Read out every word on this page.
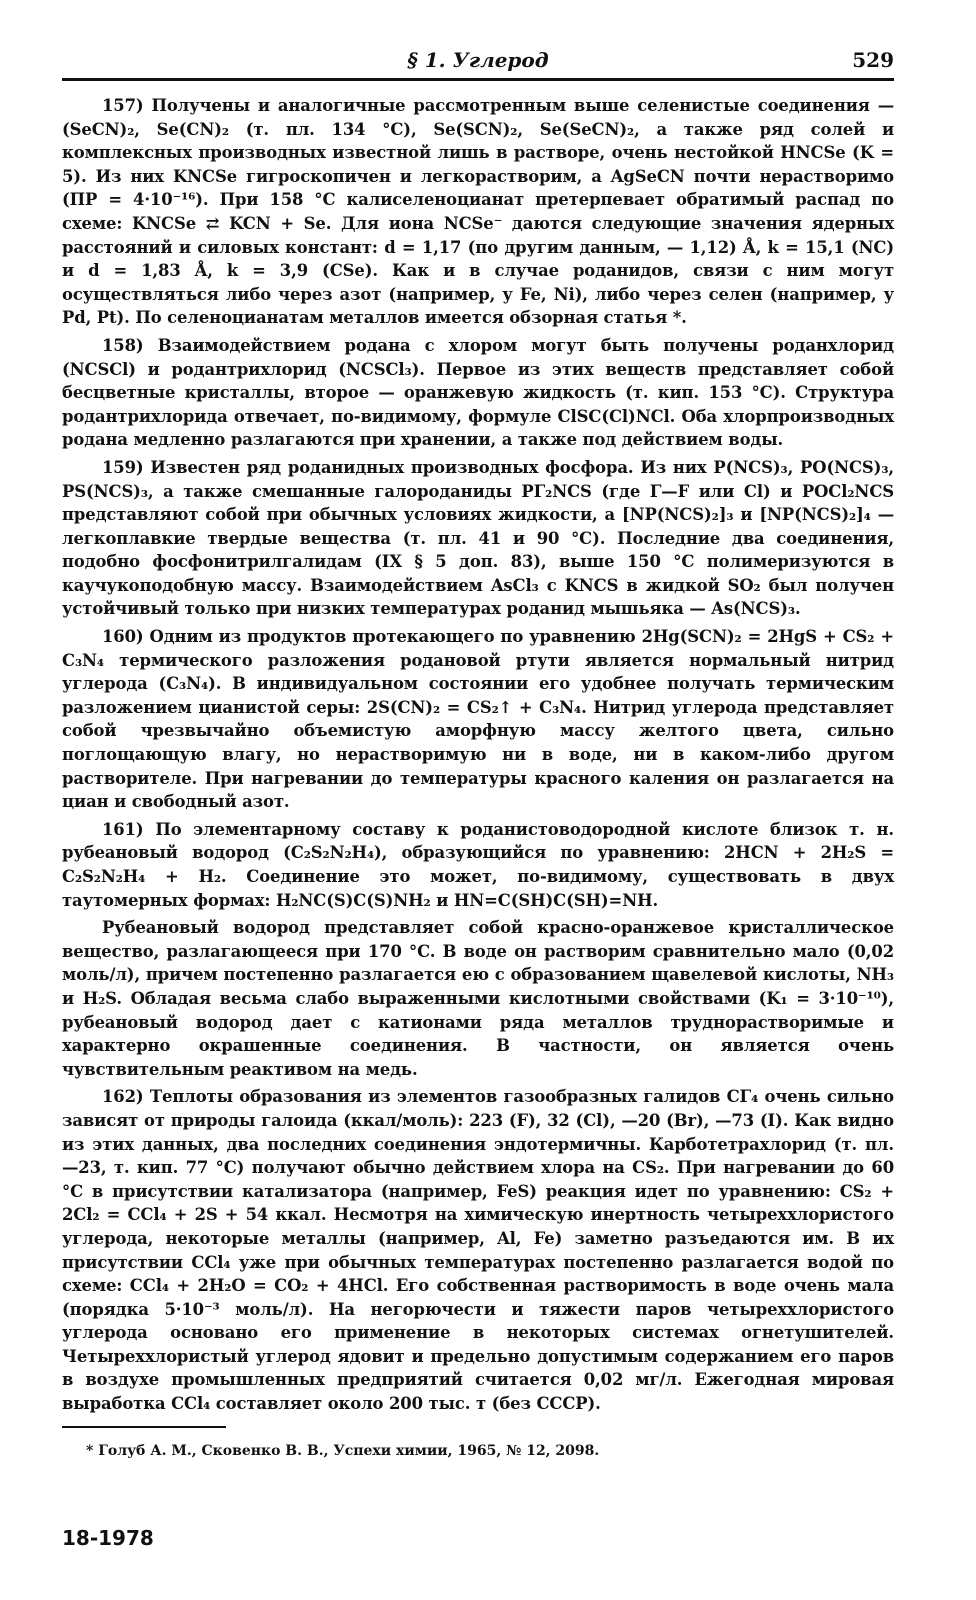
§ 1. Углерод	529

157) Получены и аналогичные рассмотренным выше селенистые соединения — (SeCN)₂, Se(CN)₂ (т. пл. 134 °C), Se(SCN)₂, Se(SeCN)₂, а также ряд солей и комплексных производных известной лишь в растворе, очень нестойкой HNCSe (K = 5). Из них KNCSe гигроскопичен и легкорастворим, а AgSeCN почти нерастворимо (ПР = 4·10⁻¹⁶). При 158 °C калиселеноцианат претерпевает обратимый распад по схеме: KNCSe ⇄ KCN + Se. Для иона NCSe⁻ даются следующие значения ядерных расстояний и силовых констант: d = 1,17 (по другим данным, — 1,12) Å, k = 15,1 (NC) и d = 1,83 Å, k = 3,9 (CSe). Как и в случае роданидов, связи с ним могут осуществляться либо через азот (например, у Fe, Ni), либо через селен (например, у Pd, Pt). По селеноцианатам металлов имеется обзорная статья *.

158) Взаимодействием родана с хлором могут быть получены роданхлорид (NCSCl) и родантрихлорид (NCSCl₃). Первое из этих веществ представляет собой бесцветные кристаллы, второе — оранжевую жидкость (т. кип. 153 °C). Структура родантрихлорида отвечает, по-видимому, формуле ClSC(Cl)NCl. Оба хлорпроизводных родана медленно разлагаются при хранении, а также под действием воды.

159) Известен ряд роданидных производных фосфора. Из них P(NCS)₃, PO(NCS)₃, PS(NCS)₃, а также смешанные галороданиды PΓ₂NCS (где Γ—F или Cl) и POCl₂NCS представляют собой при обычных условиях жидкости, а [NP(NCS)₂]₃ и [NP(NCS)₂]₄ — легкоплавкие твердые вещества (т. пл. 41 и 90 °C). Последние два соединения, подобно фосфонитрилгалидам (IX § 5 доп. 83), выше 150 °C полимеризуются в каучукоподобную массу. Взаимодействием AsCl₃ с KNCS в жидкой SO₂ был получен устойчивый только при низких температурах роданид мышьяка — As(NCS)₃.

160) Одним из продуктов протекающего по уравнению 2Hg(SCN)₂ = 2HgS + CS₂ + C₃N₄ термического разложения родановой ртути является нормальный нитрид углерода (C₃N₄). В индивидуальном состоянии его удобнее получать термическим разложением цианистой серы: 2S(CN)₂ = CS₂↑ + C₃N₄. Нитрид углерода представляет собой чрезвычайно объемистую аморфную массу желтого цвета, сильно поглощающую влагу, но нерастворимую ни в воде, ни в каком-либо другом растворителе. При нагревании до температуры красного каления он разлагается на циан и свободный азот.

161) По элементарному составу к роданистоводородной кислоте близок т. н. рубеановый водород (C₂S₂N₂H₄), образующийся по уравнению: 2HCN + 2H₂S = C₂S₂N₂H₄ + H₂. Соединение это может, по-видимому, существовать в двух таутомерных формах: H₂NC(S)C(S)NH₂ и HN=C(SH)C(SH)=NH.

Рубеановый водород представляет собой красно-оранжевое кристаллическое вещество, разлагающееся при 170 °C. В воде он растворим сравнительно мало (0,02 моль/л), причем постепенно разлагается ею с образованием щавелевой кислоты, NH₃ и H₂S. Обладая весьма слабо выраженными кислотными свойствами (K₁ = 3·10⁻¹⁰), рубеановый водород дает с катионами ряда металлов труднорастворимые и характерно окрашенные соединения. В частности, он является очень чувствительным реактивом на медь.

162) Теплоты образования из элементов газообразных галидов CΓ₄ очень сильно зависят от природы галоида (ккал/моль): 223 (F), 32 (Cl), —20 (Br), —73 (I). Как видно из этих данных, два последних соединения эндотермичны. Карботетрахлорид (т. пл. —23, т. кип. 77 °C) получают обычно действием хлора на CS₂. При нагревании до 60 °C в присутствии катализатора (например, FeS) реакция идет по уравнению: CS₂ + 2Cl₂ = CCl₄ + 2S + 54 ккал. Несмотря на химическую инертность четыреххлористого углерода, некоторые металлы (например, Al, Fe) заметно разъедаются им. В их присутствии CCl₄ уже при обычных температурах постепенно разлагается водой по схеме: CCl₄ + 2H₂O = CO₂ + 4HCl. Его собственная растворимость в воде очень мала (порядка 5·10⁻³ моль/л). На негорючести и тяжести паров четыреххлористого углерода основано его применение в некоторых системах огнетушителей. Четыреххлористый углерод ядовит и предельно допустимым содержанием его паров в воздухе промышленных предприятий считается 0,02 мг/л. Ежегодная мировая выработка CCl₄ составляет около 200 тыс. т (без СССР).

* Голуб А. М., Сковенко В. В., Успехи химии, 1965, № 12, 2098.
18-1978
